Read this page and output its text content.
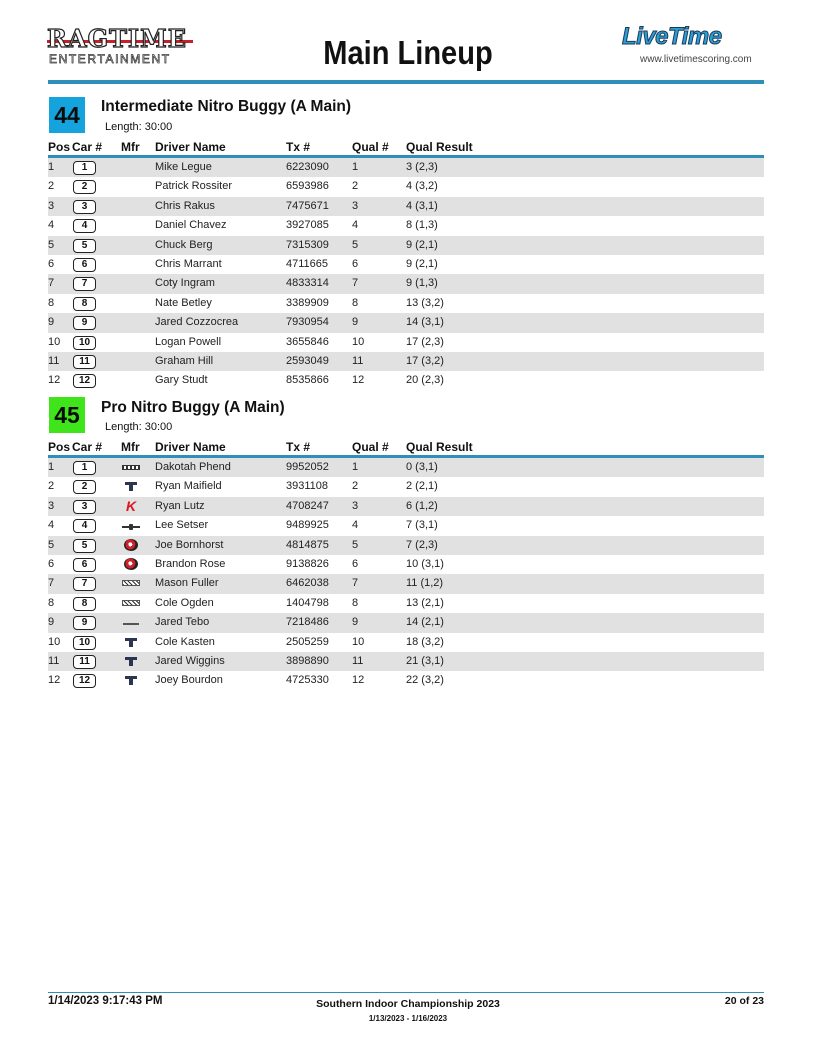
RAGTIME
ENTERTAINMENT	Main Lineup	LiveTime
www.livetimescoring.com
44	Intermediate Nitro Buggy (A Main)
Length: 30:00
Pos Car # Mfr Driver Name	Tx #	Qual # Qual Result
1	1	Mike Legue	6223090 1	3 (2,3)
2	2	Patrick Rossiter	6593986 2	4 (3,2)
3	3	Chris Rakus	7475671 3	4 (3,1)
4	4	Daniel Chavez	3927085 4	8 (1,3)
5	5	Chuck Berg	7315309 5	9 (2,1)
6	6	Chris Marrant	4711665 6	9 (2,1)
7	7	Coty Ingram	4833314 7	9 (1,3)
8	8	Nate Betley	3389909 8	13 (3,2)
9	9	Jared Cozzocrea	7930954 9	14 (3,1)
10	10	Logan Powell	3655846 10	17 (2,3)
11	11	Graham Hill	2593049 11	17 (3,2)
12	12	Gary Studt	8535866 12	20 (2,3)
45	Pro Nitro Buggy (A Main)
Length: 30:00
Pos Car # Mfr Driver Name	Tx #	Qual # Qual Result
1	1	Dakotah Phend	9952052 1	0 (3,1)
2	2	Ryan Maifield	3931108 2	2 (2,1)
3	3	Ryan Lutz	4708247 3	6 (1,2)
K
4	4	Lee Setser	9489925 4	7 (3,1)
5	5	Joe Bornhorst	4814875 5	7 (2,3)
6	6	Brandon Rose	9138826 6	10 (3,1)
7	7	Mason Fuller	6462038 7	11 (1,2)
8	8	Cole Ogden	1404798 8	13 (2,1)
9	9	Jared Tebo	7218486 9	14 (2,1)
10	10	Cole Kasten	2505259 10	18 (3,2)
11	11	Jared Wiggins	3898890 11	21 (3,1)
12	12	Joey Bourdon	4725330 12	22 (3,2)
1/14/2023 9:17:43 PM	Southern Indoor Championship 2023
1/13/2023 - 1/16/2023
20 of 23
